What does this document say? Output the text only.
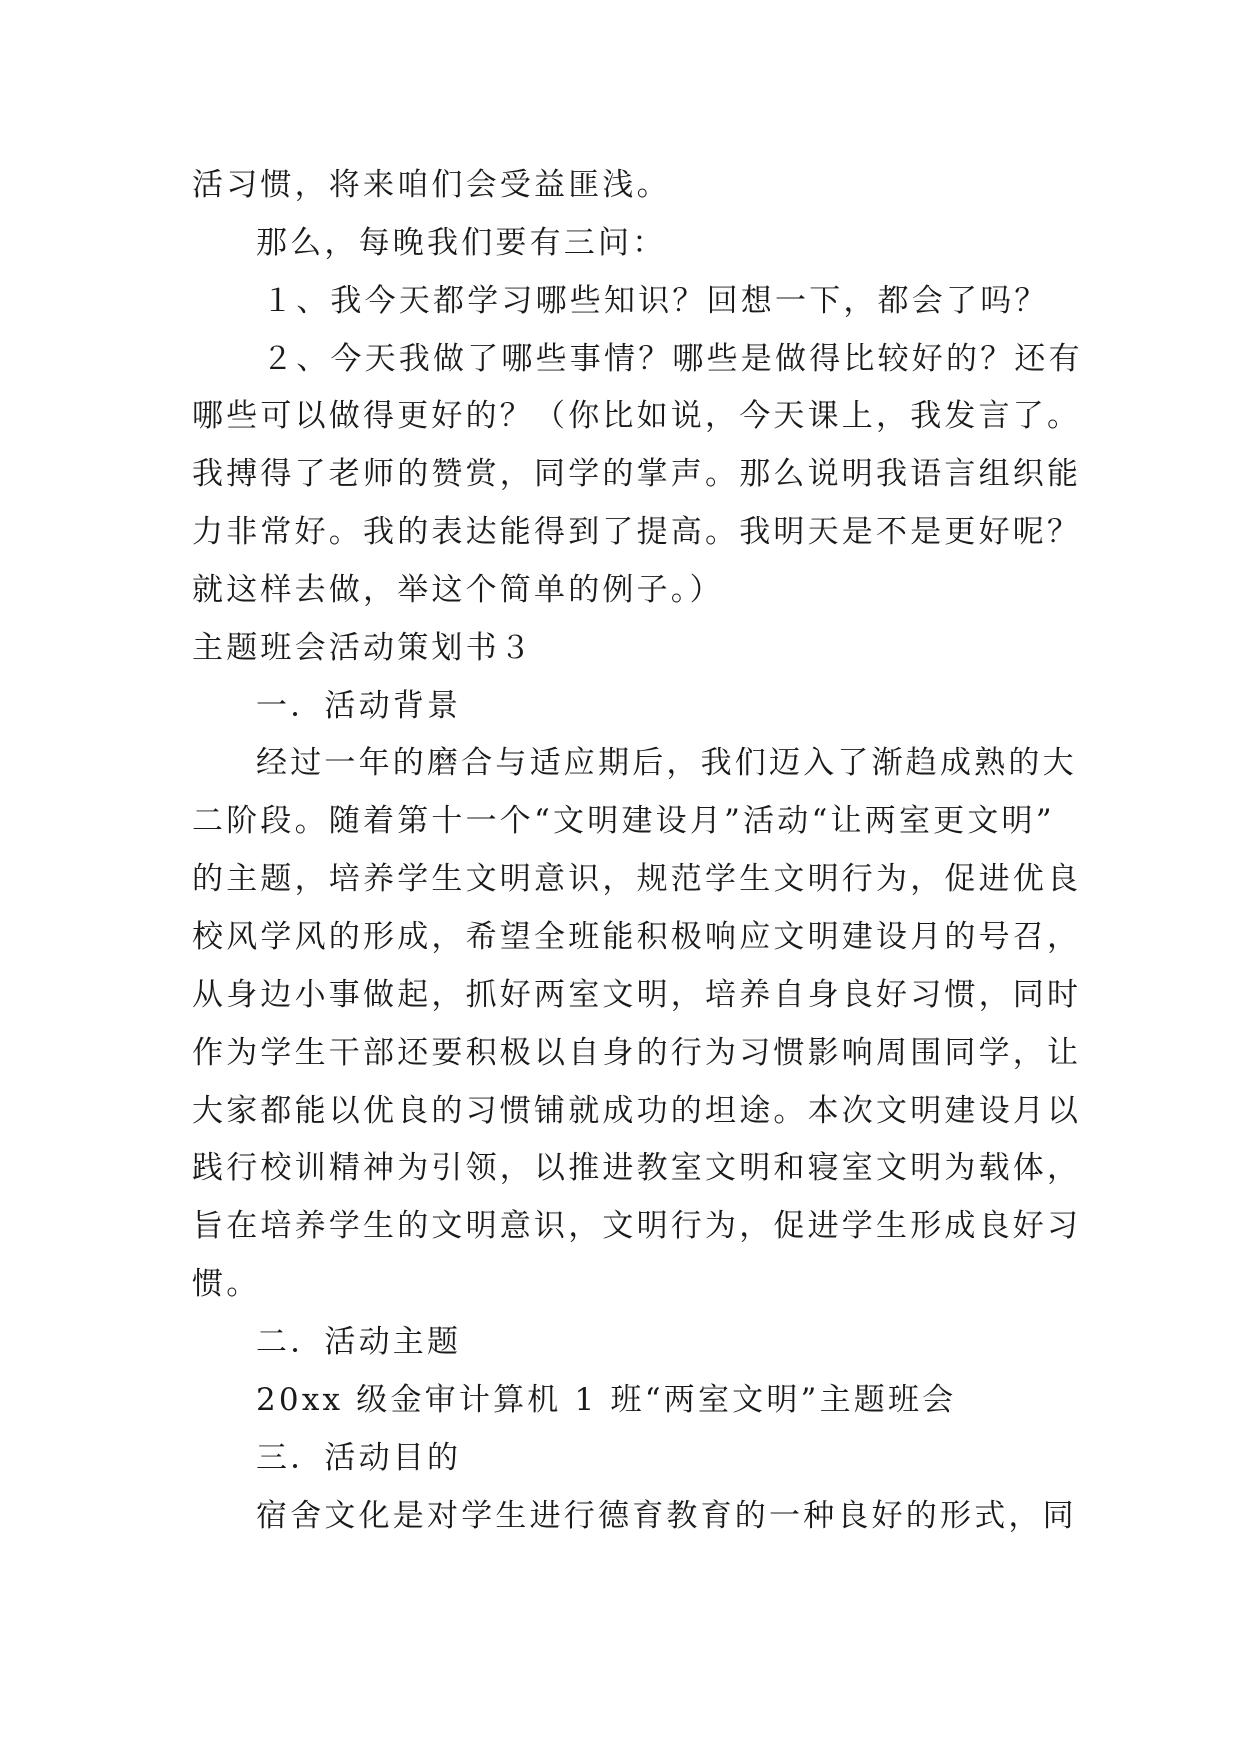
活习惯，将来咱们会受益匪浅。
那么，每晚我们要有三问：
１、我今天都学习哪些知识？回想一下，都会了吗？
２、今天我做了哪些事情？哪些是做得比较好的？还有
哪些可以做得更好的？（你比如说，今天课上，我发言了。
我搏得了老师的赞赏，同学的掌声。那么说明我语言组织能
力非常好。我的表达能得到了提高。我明天是不是更好呢？
就这样去做，举这个简单的例子。）
主题班会活动策划书３
一．活动背景
经过一年的磨合与适应期后，我们迈入了渐趋成熟的大
二阶段。随着第十一个“文明建设月”活动“让两室更文明”
的主题，培养学生文明意识，规范学生文明行为，促进优良
校风学风的形成，希望全班能积极响应文明建设月的号召，
从身边小事做起，抓好两室文明，培养自身良好习惯，同时
作为学生干部还要积极以自身的行为习惯影响周围同学，让
大家都能以优良的习惯铺就成功的坦途。本次文明建设月以
践行校训精神为引领，以推进教室文明和寝室文明为载体，
旨在培养学生的文明意识，文明行为，促进学生形成良好习
惯。
二．活动主题
20xx 级金审计算机 1 班“两室文明”主题班会
三．活动目的
宿舍文化是对学生进行德育教育的一种良好的形式，同
